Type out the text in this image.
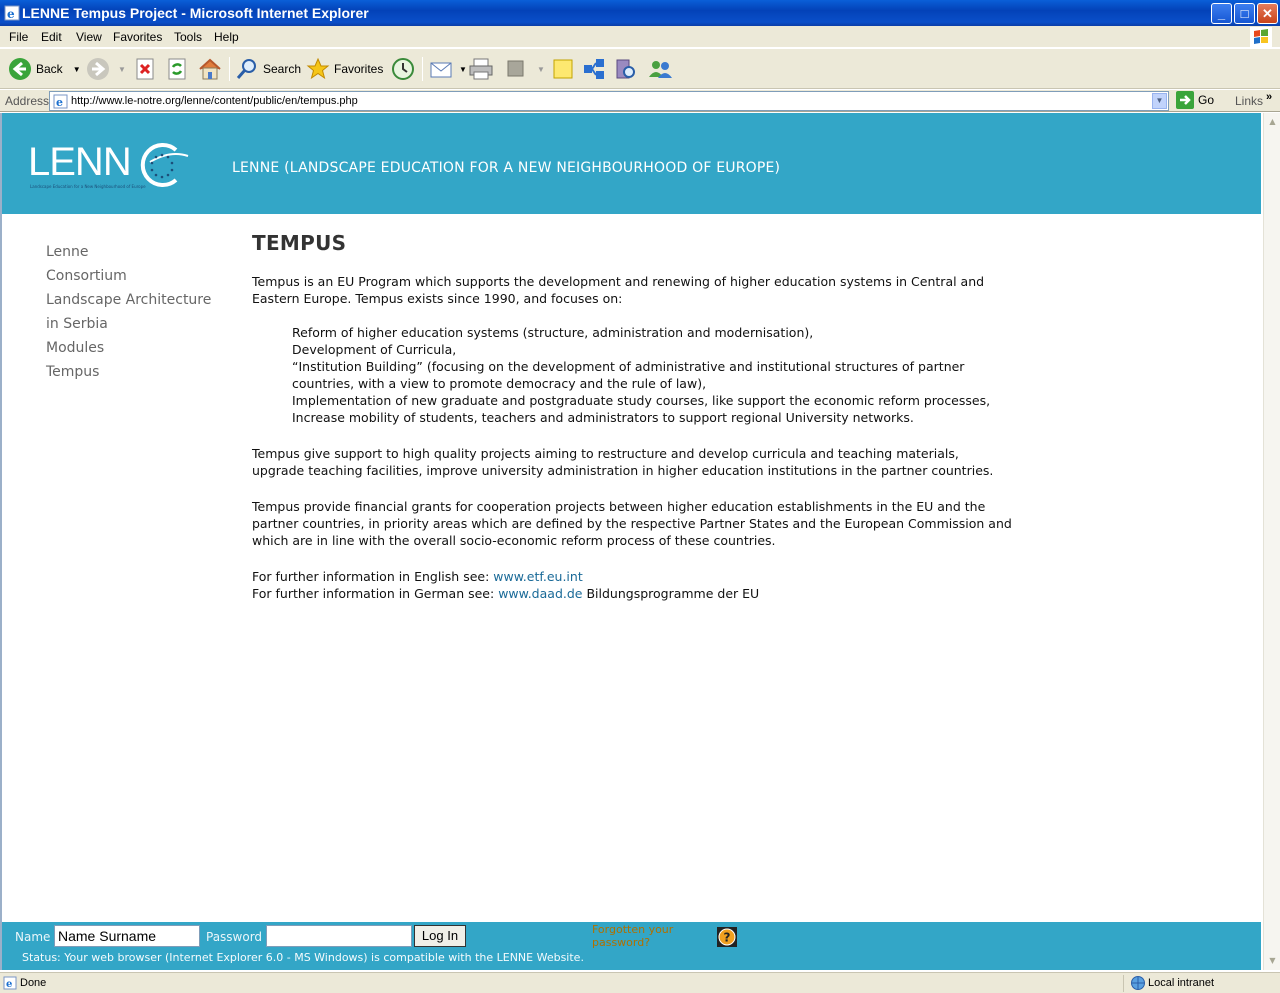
e LENNE Tempus Project - Microsoft Internet Explorer	_	□	✕
File Edit View Favorites Tools Help
Back ▼	▼	Search	Favorites	▼	▼
Address e http://www.le-notre.org/lenne/content/public/en/tempus.php	▼	Go Links »
LENN
Landscape Education for a New Neighbourhood of Europe
LENNE (LANDSCAPE EDUCATION FOR A NEW NEIGHBOURHOOD OF EUROPE)
Lenne
Consortium
Landscape Architecture
in Serbia
Modules
Tempus
TEMPUS

Tempus is an EU Program which supports the development and renewing of higher education systems in Central and Eastern Europe. Tempus exists since 1990, and focuses on:

Reform of higher education systems (structure, administration and modernisation),
Development of Curricula,
“Institution Building” (focusing on the development of administrative and institutional structures of partner countries, with a view to promote democracy and the rule of law),
Implementation of new graduate and postgraduate study courses, like support the economic reform processes,
Increase mobility of students, teachers and administrators to support regional University networks.

Tempus give support to high quality projects aiming to restructure and develop curricula and teaching materials, upgrade teaching facilities, improve university administration in higher education institutions in the partner countries.

Tempus provide financial grants for cooperation projects between higher education establishments in the EU and the partner countries, in priority areas which are defined by the respective Partner States and the European Commission and which are in line with the overall socio-economic reform process of these countries.

For further information in English see: www.etf.eu.int
For further information in German see: www.daad.de Bildungsprogramme der EU
Name
Name Surname	Password	Log In	Forgotten your password?	?
Status: Your web browser (Internet Explorer 6.0 - MS Windows) is compatible with the LENNE Website.
▲
▼
e Done	Local intranet
